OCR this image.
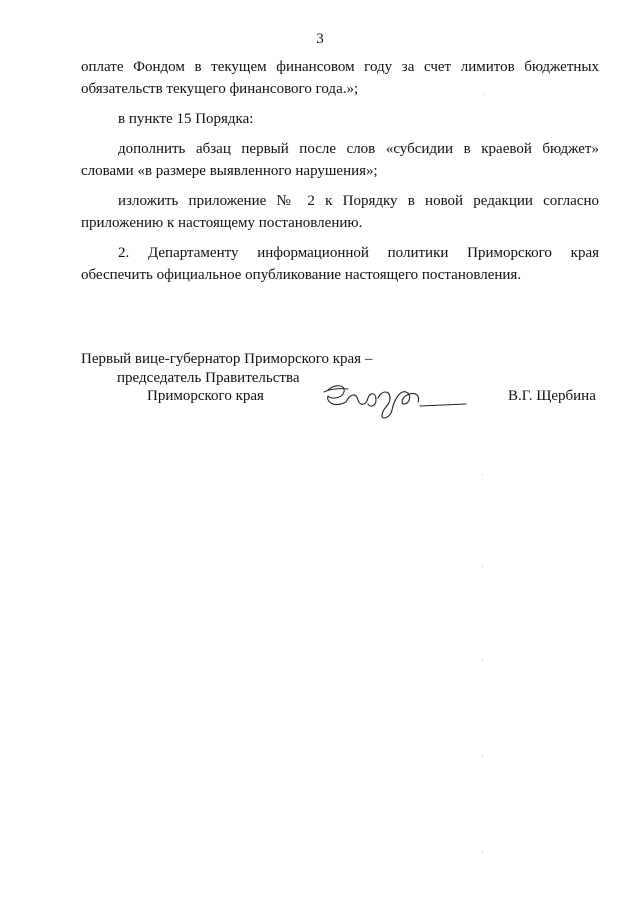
3

оплате Фондом в текущем финансовом году за счет лимитов бюджетных
обязательств текущего финансового года.»;

в пункте 15 Порядка:

дополнить абзац первый после слов «субсидии в краевой бюджет»
словами «в размере выявленного нарушения»;

изложить приложение № 2 к Порядку в новой редакции согласно
приложению к настоящему постановлению.

2. Департаменту информационной политики Приморского края
обеспечить официальное опубликование настоящего постановления.

Первый вице-губернатор Приморского края –
председатель Правительства
Приморского края	В.Г. Щербина
